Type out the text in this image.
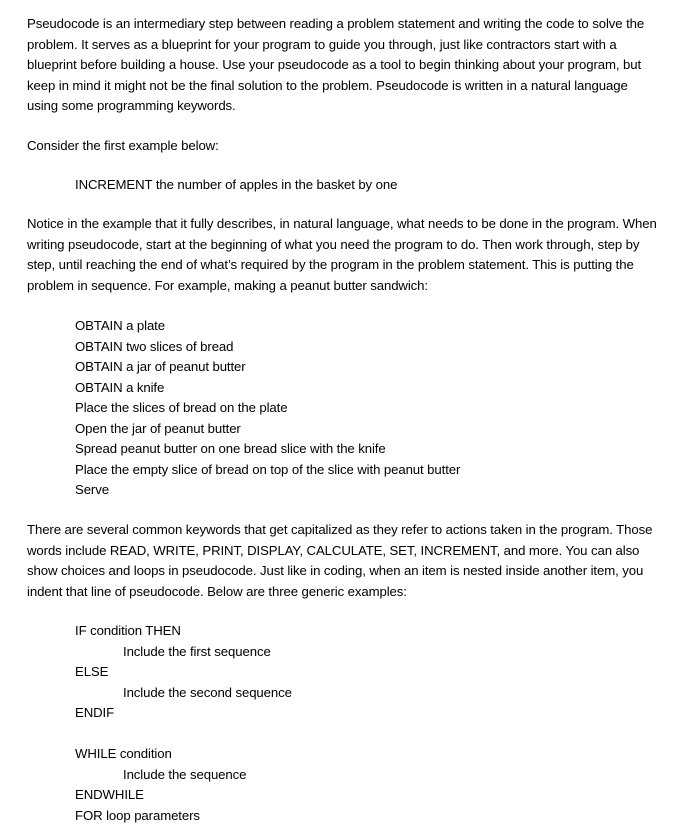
Pseudocode is an intermediary step between reading a problem statement and writing the code to solve the problem. It serves as a blueprint for your program to guide you through, just like contractors start with a blueprint before building a house. Use your pseudocode as a tool to begin thinking about your program, but keep in mind it might not be the final solution to the problem. Pseudocode is written in a natural language using some programming keywords.

Consider the first example below:

INCREMENT the number of apples in the basket by one

Notice in the example that it fully describes, in natural language, what needs to be done in the program. When writing pseudocode, start at the beginning of what you need the program to do. Then work through, step by step, until reaching the end of what’s required by the program in the problem statement. This is putting the problem in sequence. For example, making a peanut butter sandwich:

OBTAIN a plate

OBTAIN two slices of bread

OBTAIN a jar of peanut butter

OBTAIN a knife

Place the slices of bread on the plate

Open the jar of peanut butter

Spread peanut butter on one bread slice with the knife

Place the empty slice of bread on top of the slice with peanut butter

Serve

There are several common keywords that get capitalized as they refer to actions taken in the program. Those words include READ, WRITE, PRINT, DISPLAY, CALCULATE, SET, INCREMENT, and more. You can also show choices and loops in pseudocode. Just like in coding, when an item is nested inside another item, you indent that line of pseudocode. Below are three generic examples:

IF condition THEN

Include the first sequence

ELSE

Include the second sequence

ENDIF

WHILE condition

Include the sequence

ENDWHILE

FOR loop parameters
